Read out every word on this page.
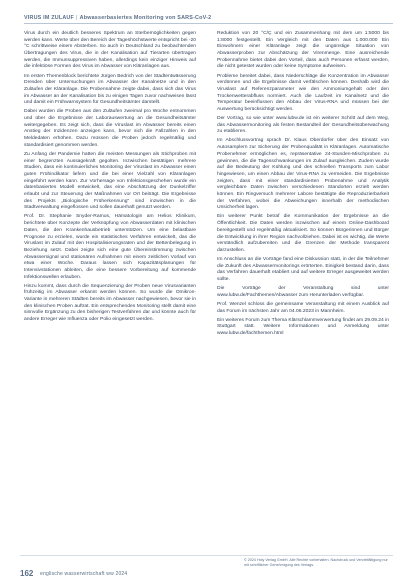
VIRUS IM ZULAUF | Abwasserbasiertes Monitoring von SARS-CoV-2

Virus durch ein deutlich besseres Spektrum an Sterbemöglichkeiten gegen werden kann. Werte über den Bereich der Tageshöchstwerte entspricht bei -20 °C schrittweise einem Absterben. So auch in Deutschland zu beobachtenden Übertragungen des Virus, die in der Kanalisation auf Tierarten übertragen werden, die Immunsuppressiven haben, allerdings kein einziger Hinweis auf die infektiöse Formen des Virus im Abwasser von Kläranlagen aus.

Im ersten Themenblock berichtete Jürgen Bedrich von der Stadtentwässerung Dresden über Untersuchungen im Abwasser der Kanalnetze und in den Zuläufen der Kläranlage. Die Probennahme zeigte dabei, dass sich das Virus im Abwasser an der Kanalisation bis zu einigen Tagen zuvor nachweisen lässt und damit ein Frühwarnsystem für Gesundheitsämter darstellt.

Dabei wurden die Proben aus den Zuläufen zweimal pro Woche entnommen und über die Ergebnisse der Laborauswertung an die Gesundheitsämter weitergegeben. Es zeigt sich, dass die Viruslast im Abwasser bereits einen Anstieg der Inzidenzen anzeigen kann, bevor sich die Fallzahlen in den Meldedaten erhöhen. Dazu müssen die Proben jedoch regelmäßig und standardisiert genommen werden.

Zu Anfang der Pandemie hatten die meisten Messungen als Stichproben mit einer begrenzten Aussagekraft gegolten. Inzwischen bestätigen mehrere Studien, dass ein kontinuierliches Monitoring der Viruslast im Abwasser einen guten Frühindikator liefern und die bei einer Vielzahl von Kläranlagen eingeführt werden kann. Zur Vorhersage von Infektionsgeschehen wurde ein datenbasiertes Modell entwickelt, das eine Abschätzung der Dunkelziffer erlaubt und zur Steuerung der Maßnahmen vor Ort beiträgt. Die Ergebnisse des Projekts „Biologische Früherkennung" sind inzwischen in die Stadtverwaltung eingeflossen und sollen dauerhaft genutzt werden.

Prof. Dr. Stephanie Snyder-Ramos, Hämatologin am Helios Klinikum, berichtete über Konzepte der Verknüpfung von Abwasserdaten mit klinischen Daten, die den Krankenhausbetrieb unterstützen. Um eine belastbare Prognose zu erzielen, wurde ein statistisches Verfahren entwickelt, das die Viruslast im Zulauf mit den Hospitalisierungsraten und der Bettenbelegung in Beziehung setzt. Dabei zeigte sich eine gute Übereinstimmung zwischen Abwassersignal und stationären Aufnahmen mit einem zeitlichen Vorlauf von etwa einer Woche. Daraus lassen sich Kapazitätsplanungen für Intensivstationen ableiten, die eine bessere Vorbereitung auf kommende Infektionswellen erlauben.

Hinzu kommt, dass durch die Sequenzierung der Proben neue Virusvarianten frühzeitig im Abwasser erkannt werden können. So wurde die Omikron-Variante in mehreren Städten bereits im Abwasser nachgewiesen, bevor sie in den klinischen Proben auftrat. Ein entsprechendes Monitoring stellt damit eine sinnvolle Ergänzung zu den bisherigen Testverfahren dar und könnte auch für andere Erreger wie Influenza oder Polio eingesetzt werden.

Reduktion von 20 °C/Ç und ein Zusammenhang mit dem um 1:5000 bis 1:8000 festgestellt. Ein Vergleich mit den Daten aus 1.000.000 Ein Einwohnern einer Kläranlage zeigt die ungünstige Situation von Abwasserproben zur Abschätzung der Virenmenge. Eine ausreichende Probennahme bietet dabei den Vorteil, dass auch Personen erfasst werden, die nicht getestet wurden oder keine Symptome aufweisen.

Probleme bereitet dabei, dass Niederschläge die Konzentration im Abwasser verdünnen und die Ergebnisse damit verfälschen können. Deshalb wird die Viruslast auf Referenzparameter wie den Ammoniumgehalt oder den Trockenwetterabfluss normiert. Auch die Laufzeit im Kanalnetz und die Temperatur beeinflussen den Abbau der Virus-RNA und müssen bei der Auswertung berücksichtigt werden.

Der Vortrag, so wie unter www.lubw.de ist ein weiterer Schritt auf dem Weg, das Abwassermonitoring als festen Bestandteil der Gesundheitsüberwachung zu etablieren.

Im Abschlussvortrag sprach Dr. Klaus Oberdorfer über den Einsatz von Autosamplern zur Sicherung der Probenqualität in Kläranlagen. Automatische Probenehmer ermöglichen es, repräsentative 24-Stunden-Mischproben zu gewinnen, die die Tagesschwankungen im Zulauf ausgleichen. Zudem wurde auf die Bedeutung der Kühlung und des schnellen Transports zum Labor hingewiesen, um einen Abbau der Virus-RNA zu vermeiden. Die Ergebnisse zeigten, dass mit einer standardisierten Probenahme und Analytik vergleichbare Daten zwischen verschiedenen Standorten erzielt werden können. Ein Ringversuch mehrerer Labore bestätigte die Reproduzierbarkeit der Verfahren, wobei die Abweichungen innerhalb der methodischen Unsicherheit lagen.

Ein weiterer Punkt betraf die Kommunikation der Ergebnisse an die Öffentlichkeit. Die Daten werden inzwischen auf einem Online-Dashboard bereitgestellt und regelmäßig aktualisiert. So können Bürgerinnen und Bürger die Entwicklung in ihrer Region nachvollziehen. Dabei ist es wichtig, die Werte verständlich aufzubereiten und die Grenzen der Methode transparent darzustellen.

Im Anschluss an die Vorträge fand eine Diskussion statt, in der die Teilnehmer die Zukunft des Abwassermonitorings erörterten. Einigkeit bestand darin, dass das Verfahren dauerhaft etabliert und auf weitere Erreger ausgeweitet werden sollte.

Die Vorträge der Veranstaltung sind unter www.lubw.de/Fachthemen/Abwasser zum Herunterladen verfügbar.

Prof. Wenzel schloss die gemeinsame Veranstaltung mit einem Ausblick auf das Forum im nächsten Jahr am 04.06.2023 in Mannheim.

Ein weiteres Forum zum Thema Klärschlammverwertung findet am 29.09.24 in Stuttgart statt. Weitere Informationen und Anmeldung unter www.lubw.de/fachthemen.html

162 englische wasserwirtschaft ww 2024
© 2024 Holy Verlag GmbH. Alle Rechte vorbehalten. Nachdruck und Vervielfältigung nur mit schriftlicher Genehmigung des Verlags.
